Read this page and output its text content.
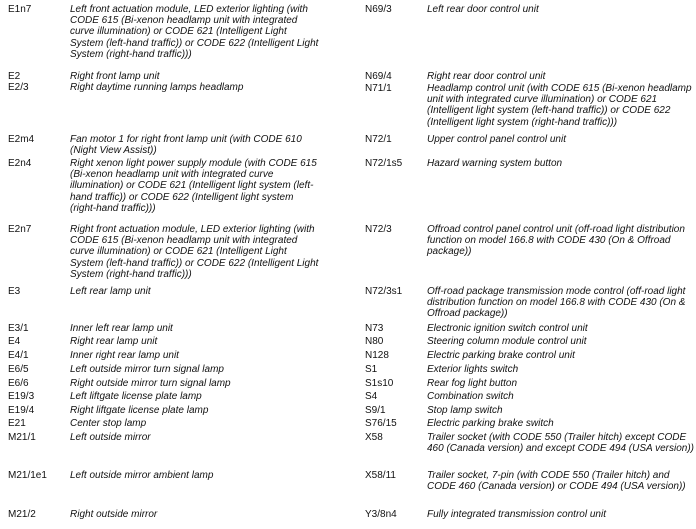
E1n7	Left front actuation module, LED exterior lighting (with CODE 615 (Bi-xenon headlamp unit with integrated curve illumination) or CODE 621 (Intelligent Light System (left-hand traffic)) or CODE 622 (Intelligent Light System (right-hand traffic)))
E2	Right front lamp unit
E2/3	Right daytime running lamps headlamp
E2m4	Fan motor 1 for right front lamp unit (with CODE 610 (Night View Assist))
E2n4	Right xenon light power supply module (with CODE 615 (Bi-xenon headlamp unit with integrated curve illumination) or CODE 621 (Intelligent light system (left-hand traffic)) or CODE 622 (Intelligent light system (right-hand traffic)))
E2n7	Right front actuation module, LED exterior lighting (with CODE 615 (Bi-xenon headlamp unit with integrated curve illumination) or CODE 621 (Intelligent Light System (left-hand traffic)) or CODE 622 (Intelligent Light System (right-hand traffic)))
E3	Left rear lamp unit
E3/1	Inner left rear lamp unit
E4	Right rear lamp unit
E4/1	Inner right rear lamp unit
E6/5	Left outside mirror turn signal lamp
E6/6	Right outside mirror turn signal lamp
E19/3	Left liftgate license plate lamp
E19/4	Right liftgate license plate lamp
E21	Center stop lamp
M21/1	Left outside mirror
M21/1e1 Left outside mirror ambient lamp
M21/2	Right outside mirror
N69/3	Left rear door control unit
N69/4	Right rear door control unit
N71/1	Headlamp control unit (with CODE 615 (Bi-xenon headlamp unit with integrated curve illumination) or CODE 621 (Intelligent light system (left-hand traffic)) or CODE 622 (Intelligent light system (right-hand traffic)))
N72/1	Upper control panel control unit
N72/1s5 Hazard warning system button
N72/3	Offroad control panel control unit (off-road light distribution function on model 166.8 with CODE 430 (On & Offroad package))
N72/3s1 Off-road package transmission mode control (off-road light distribution function on model 166.8 with CODE 430 (On & Offroad package))
N73	Electronic ignition switch control unit
N80	Steering column module control unit
N128	Electric parking brake control unit
S1	Exterior lights switch
S1s10	Rear fog light button
S4	Combination switch
S9/1	Stop lamp switch
S76/15	Electric parking brake switch
X58	Trailer socket (with CODE 550 (Trailer hitch) except CODE 460 (Canada version) and except CODE 494 (USA version))
X58/11	Trailer socket, 7-pin (with CODE 550 (Trailer hitch) and CODE 460 (Canada version) or CODE 494 (USA version))
Y3/8n4	Fully integrated transmission control unit
